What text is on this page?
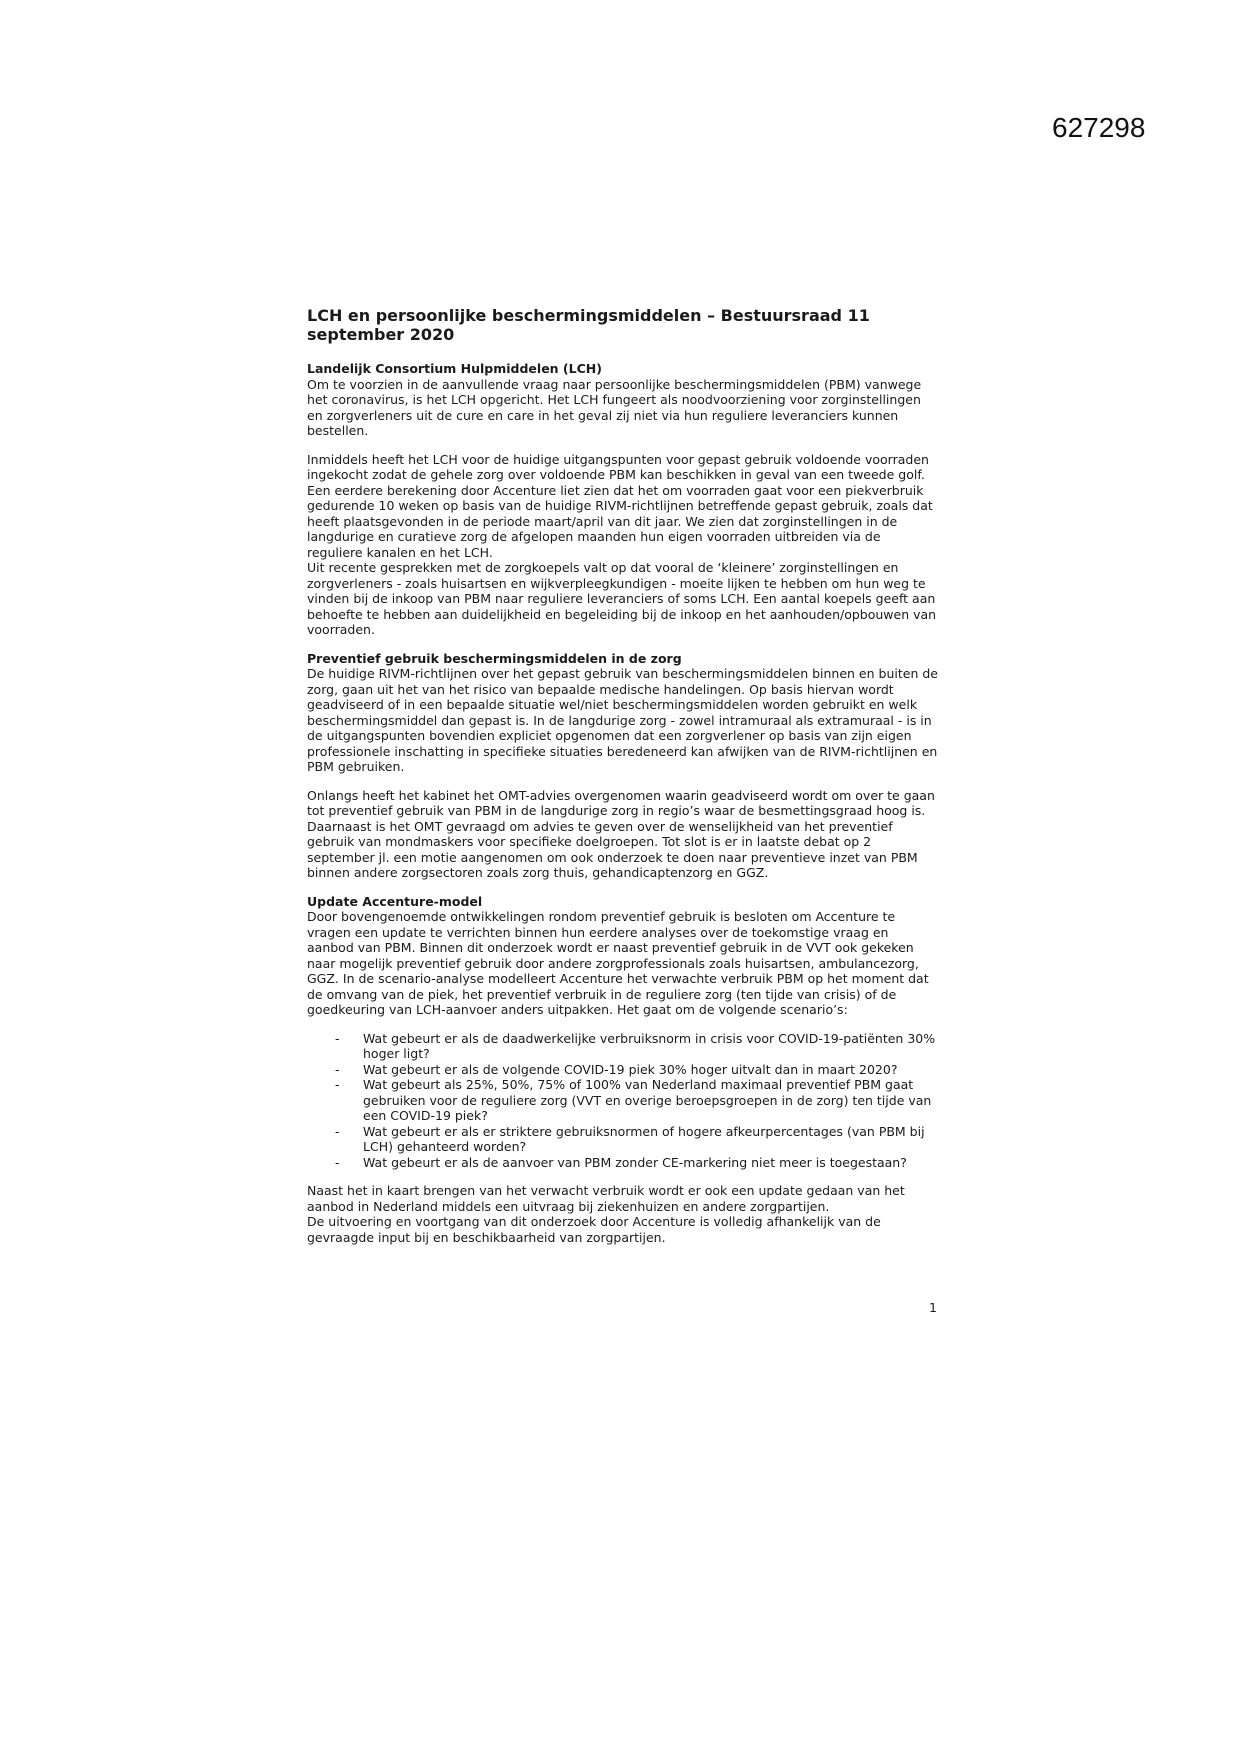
627298
LCH en persoonlijke beschermingsmiddelen – Bestuursraad 11 september 2020
Landelijk Consortium Hulpmiddelen (LCH)

Om te voorzien in de aanvullende vraag naar persoonlijke beschermingsmiddelen (PBM) vanwege het coronavirus, is het LCH opgericht. Het LCH fungeert als noodvoorziening voor zorginstellingen en zorgverleners uit de cure en care in het geval zij niet via hun reguliere leveranciers kunnen bestellen.

Inmiddels heeft het LCH voor de huidige uitgangspunten voor gepast gebruik voldoende voorraden ingekocht zodat de gehele zorg over voldoende PBM kan beschikken in geval van een tweede golf. Een eerdere berekening door Accenture liet zien dat het om voorraden gaat voor een piekverbruik gedurende 10 weken op basis van de huidige RIVM-richtlijnen betreffende gepast gebruik, zoals dat heeft plaatsgevonden in de periode maart/april van dit jaar. We zien dat zorginstellingen in de langdurige en curatieve zorg de afgelopen maanden hun eigen voorraden uitbreiden via de reguliere kanalen en het LCH.

Uit recente gesprekken met de zorgkoepels valt op dat vooral de ‘kleinere’ zorginstellingen en zorgverleners - zoals huisartsen en wijkverpleegkundigen - moeite lijken te hebben om hun weg te vinden bij de inkoop van PBM naar reguliere leveranciers of soms LCH. Een aantal koepels geeft aan behoefte te hebben aan duidelijkheid en begeleiding bij de inkoop en het aanhouden/opbouwen van voorraden.

Preventief gebruik beschermingsmiddelen in de zorg

De huidige RIVM-richtlijnen over het gepast gebruik van beschermingsmiddelen binnen en buiten de zorg, gaan uit het van het risico van bepaalde medische handelingen. Op basis hiervan wordt geadviseerd of in een bepaalde situatie wel/niet beschermingsmiddelen worden gebruikt en welk beschermingsmiddel dan gepast is. In de langdurige zorg - zowel intramuraal als extramuraal - is in de uitgangspunten bovendien expliciet opgenomen dat een zorgverlener op basis van zijn eigen professionele inschatting in specifieke situaties beredeneerd kan afwijken van de RIVM-richtlijnen en PBM gebruiken.

Onlangs heeft het kabinet het OMT-advies overgenomen waarin geadviseerd wordt om over te gaan tot preventief gebruik van PBM in de langdurige zorg in regio’s waar de besmettingsgraad hoog is. Daarnaast is het OMT gevraagd om advies te geven over de wenselijkheid van het preventief gebruik van mondmaskers voor specifieke doelgroepen. Tot slot is er in laatste debat op 2 september jl. een motie aangenomen om ook onderzoek te doen naar preventieve inzet van PBM binnen andere zorgsectoren zoals zorg thuis, gehandicaptenzorg en GGZ.

Update Accenture-model

Door bovengenoemde ontwikkelingen rondom preventief gebruik is besloten om Accenture te vragen een update te verrichten binnen hun eerdere analyses over de toekomstige vraag en aanbod van PBM. Binnen dit onderzoek wordt er naast preventief gebruik in de VVT ook gekeken naar mogelijk preventief gebruik door andere zorgprofessionals zoals huisartsen, ambulancezorg, GGZ. In de scenario-analyse modelleert Accenture het verwachte verbruik PBM op het moment dat de omvang van de piek, het preventief verbruik in de reguliere zorg (ten tijde van crisis) of de goedkeuring van LCH-aanvoer anders uitpakken. Het gaat om de volgende scenario’s:

- Wat gebeurt er als de daadwerkelijke verbruiksnorm in crisis voor COVID-19-patiënten 30% hoger ligt?
- Wat gebeurt er als de volgende COVID-19 piek 30% hoger uitvalt dan in maart 2020?
- Wat gebeurt als 25%, 50%, 75% of 100% van Nederland maximaal preventief PBM gaat gebruiken voor de reguliere zorg (VVT en overige beroepsgroepen in de zorg) ten tijde van een COVID-19 piek?
- Wat gebeurt er als er striktere gebruiksnormen of hogere afkeurpercentages (van PBM bij LCH) gehanteerd worden?
- Wat gebeurt er als de aanvoer van PBM zonder CE-markering niet meer is toegestaan?

Naast het in kaart brengen van het verwacht verbruik wordt er ook een update gedaan van het aanbod in Nederland middels een uitvraag bij ziekenhuizen en andere zorgpartijen.

De uitvoering en voortgang van dit onderzoek door Accenture is volledig afhankelijk van de gevraagde input bij en beschikbaarheid van zorgpartijen.

1
